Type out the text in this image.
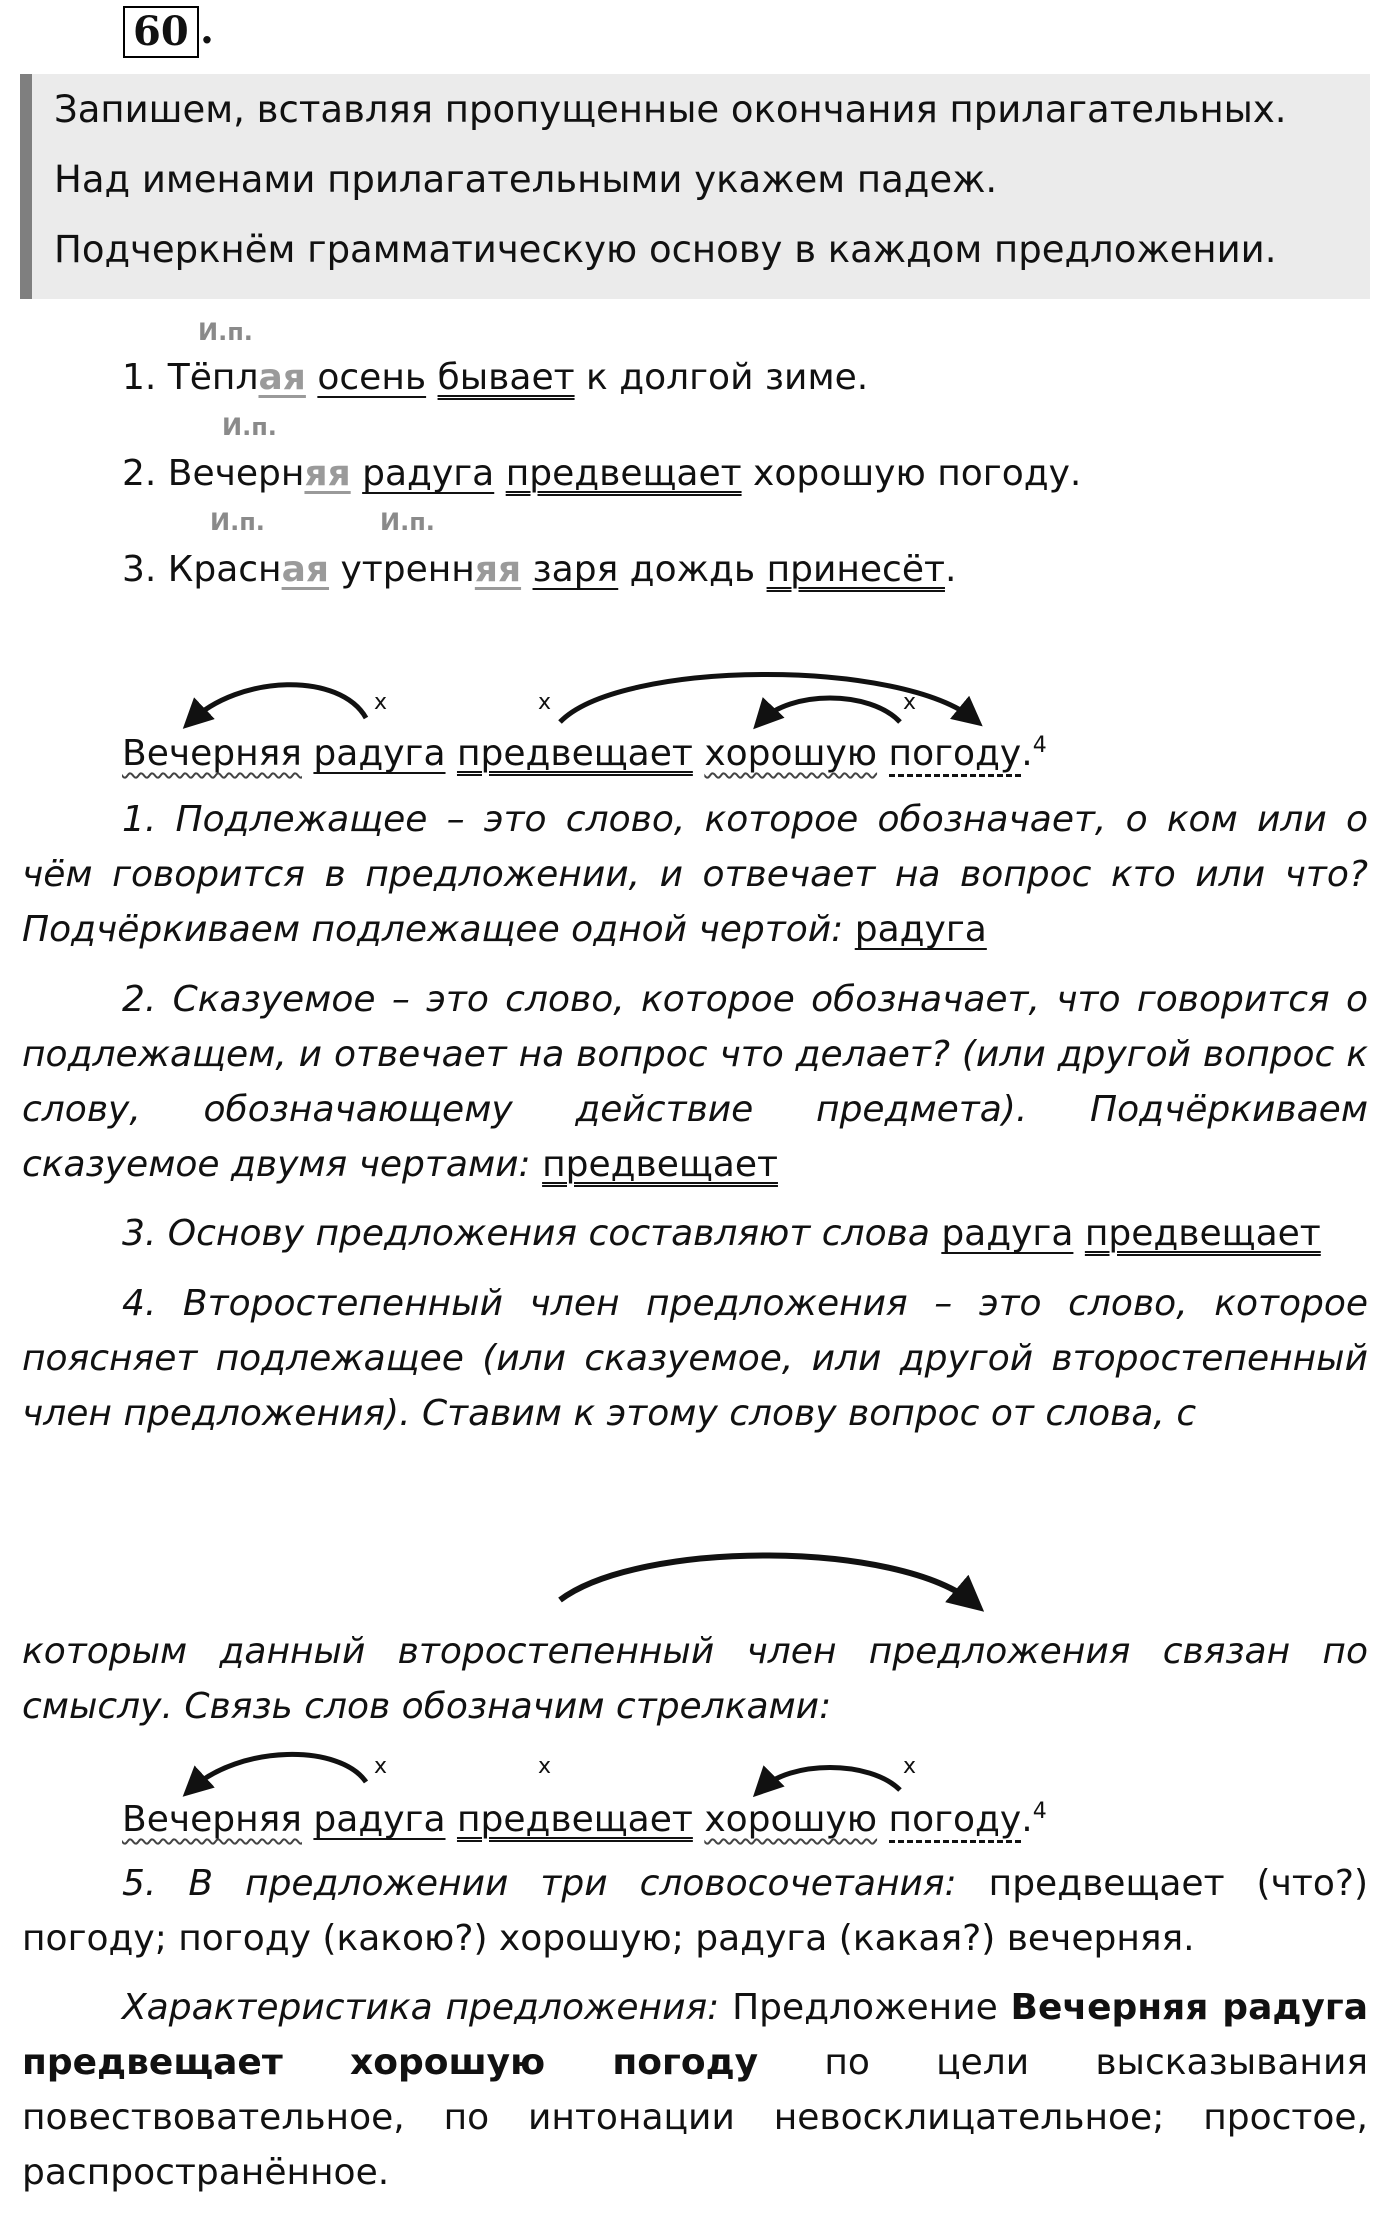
60 .

Запишем, вставляя пропущенные окончания прилагательных.

Над именами прилагательными укажем падеж.

Подчеркнём грамматическую основу в каждом предложении.

И.п.
1. Тёплая осень бывает к долгой зиме.
И.п.
2. Вечерняя радуга предвещает хорошую погоду.
И.п.	И.п.
3. Красная утренняя заря дождь принесёт.
x	x	x
Вечерняя радуга предвещает хорошую погоду.$^4$
1. Подлежащее – это слово, которое обозначает, о ком или о чём говорится в предложении, и отвечает на вопрос кто или что? Подчёркиваем подлежащее одной чертой: радуга
2. Сказуемое – это слово, которое обозначает, что говорится о подлежащем, и отвечает на вопрос что делает? (или другой вопрос к слову, обозначающему действие предмета). Подчёркиваем сказуемое двумя чертами: предвещает
3. Основу предложения составляют слова радуга предвещает
4. Второстепенный член предложения – это слово, которое поясняет подлежащее (или сказуемое, или другой второстепенный член предложения). Ставим к этому слову вопрос от слова, с
которым данный второстепенный член предложения связан по смыслу. Связь слов обозначим стрелками:
x	x	x
Вечерняя радуга предвещает хорошую погоду.$^4$
5. В предложении три словосочетания: предвещает (что?) погоду; погоду (какою?) хорошую; радуга (какая?) вечерняя.
Характеристика предложения: Предложение Вечерняя радуга предвещает хорошую погоду по цели высказывания повествовательное, по интонации невосклицательное; простое, распространённое.
